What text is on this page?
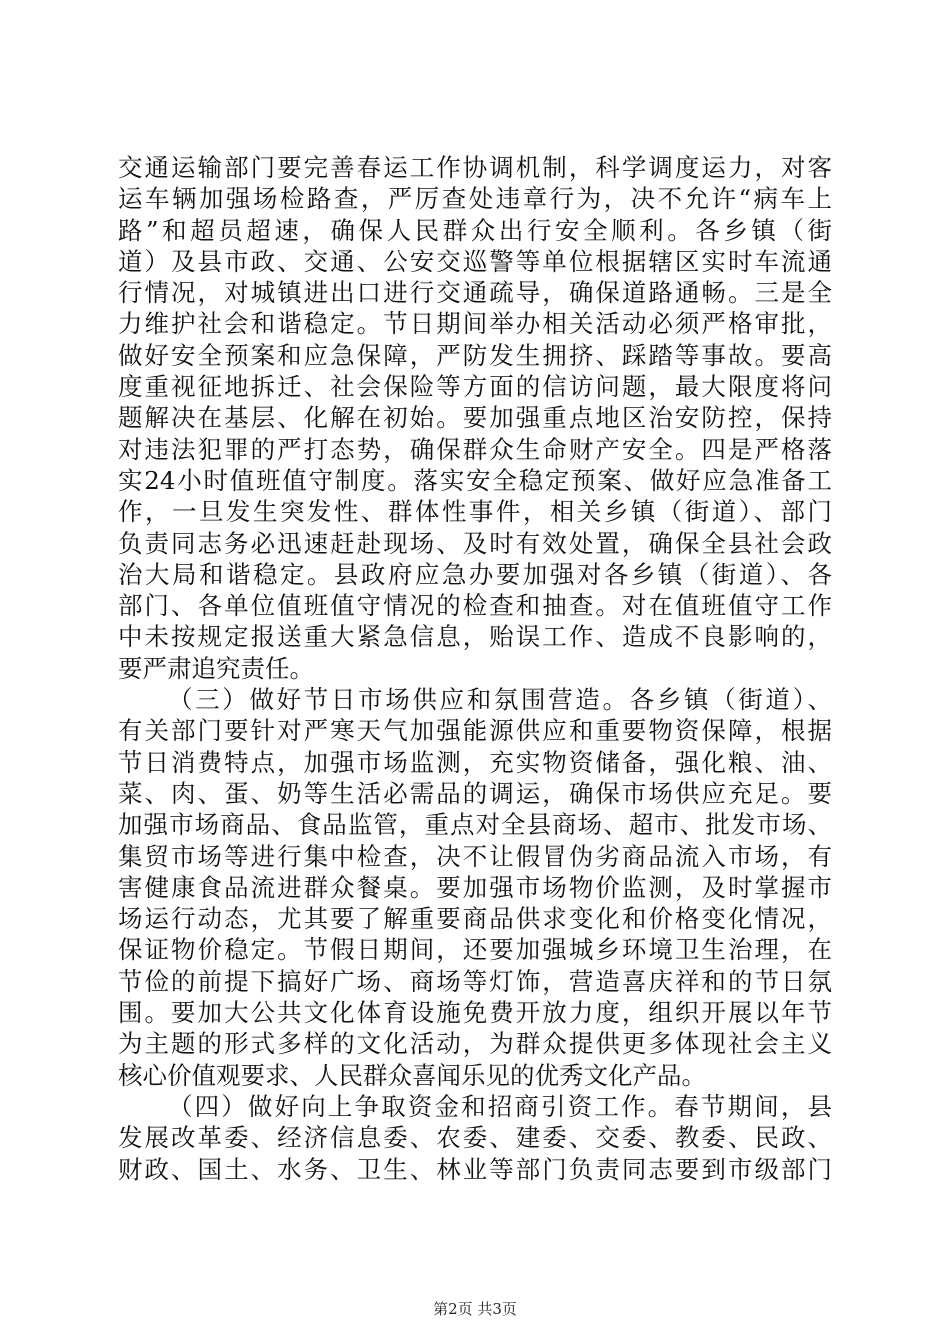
交通运输部门要完善春运工作协调机制，科学调度运力，对客
运车辆加强场检路查，严厉查处违章行为，决不允许“病车上
路”和超员超速，确保人民群众出行安全顺利。各乡镇（街
道）及县市政、交通、公安交巡警等单位根据辖区实时车流通
行情况，对城镇进出口进行交通疏导，确保道路通畅。三是全
力维护社会和谐稳定。节日期间举办相关活动必须严格审批，
做好安全预案和应急保障，严防发生拥挤、踩踏等事故。要高
度重视征地拆迁、社会保险等方面的信访问题，最大限度将问
题解决在基层、化解在初始。要加强重点地区治安防控，保持
对违法犯罪的严打态势，确保群众生命财产安全。四是严格落
实24小时值班值守制度。落实安全稳定预案、做好应急准备工
作，一旦发生突发性、群体性事件，相关乡镇（街道）、部门
负责同志务必迅速赶赴现场、及时有效处置，确保全县社会政
治大局和谐稳定。县政府应急办要加强对各乡镇（街道）、各
部门、各单位值班值守情况的检查和抽查。对在值班值守工作
中未按规定报送重大紧急信息，贻误工作、造成不良影响的，
要严肃追究责任。
（三）做好节日市场供应和氛围营造。各乡镇（街道）、
有关部门要针对严寒天气加强能源供应和重要物资保障，根据
节日消费特点，加强市场监测，充实物资储备，强化粮、油、
菜、肉、蛋、奶等生活必需品的调运，确保市场供应充足。要
加强市场商品、食品监管，重点对全县商场、超市、批发市场、
集贸市场等进行集中检查，决不让假冒伪劣商品流入市场，有
害健康食品流进群众餐桌。要加强市场物价监测，及时掌握市
场运行动态，尤其要了解重要商品供求变化和价格变化情况，
保证物价稳定。节假日期间，还要加强城乡环境卫生治理，在
节俭的前提下搞好广场、商场等灯饰，营造喜庆祥和的节日氛
围。要加大公共文化体育设施免费开放力度，组织开展以年节
为主题的形式多样的文化活动，为群众提供更多体现社会主义
核心价值观要求、人民群众喜闻乐见的优秀文化产品。
（四）做好向上争取资金和招商引资工作。春节期间，县
发展改革委、经济信息委、农委、建委、交委、教委、民政、
财政、国土、水务、卫生、林业等部门负责同志要到市级部门
第2页 共3页
